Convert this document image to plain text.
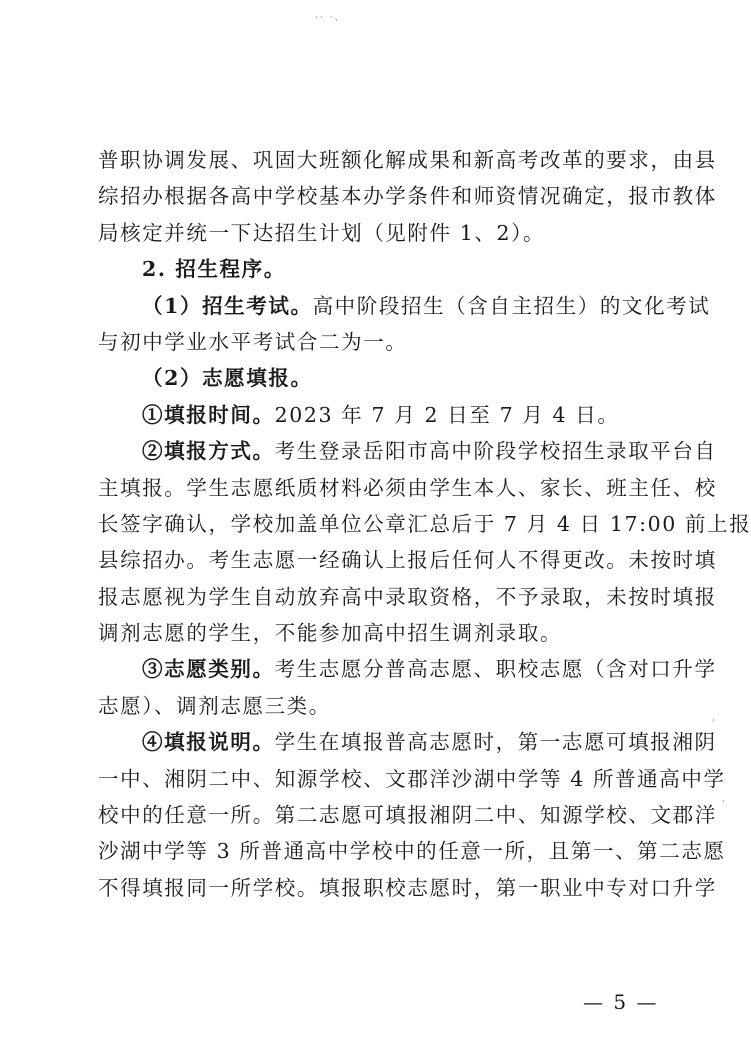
·· ·、
,
,
普职协调发展、巩固大班额化解成果和新高考改革的要求，由县
综招办根据各高中学校基本办学条件和师资情况确定，报市教体
局核定并统一下达招生计划（见附件 1、2）。
2. 招生程序。
（1）招生考试。高中阶段招生（含自主招生）的文化考试
与初中学业水平考试合二为一。
（2）志愿填报。
①填报时间。2023 年 7 月 2 日至 7 月 4 日。
②填报方式。考生登录岳阳市高中阶段学校招生录取平台自
主填报。学生志愿纸质材料必须由学生本人、家长、班主任、校
长签字确认，学校加盖单位公章汇总后于 7 月 4 日 17:00 前上报
县综招办。考生志愿一经确认上报后任何人不得更改。未按时填
报志愿视为学生自动放弃高中录取资格，不予录取，未按时填报
调剂志愿的学生，不能参加高中招生调剂录取。
③志愿类别。考生志愿分普高志愿、职校志愿（含对口升学
志愿）、调剂志愿三类。
④填报说明。学生在填报普高志愿时，第一志愿可填报湘阴
一中、湘阴二中、知源学校、文郡洋沙湖中学等 4 所普通高中学
校中的任意一所。第二志愿可填报湘阴二中、知源学校、文郡洋
沙湖中学等 3 所普通高中学校中的任意一所，且第一、第二志愿
不得填报同一所学校。填报职校志愿时，第一职业中专对口升学
— 5 —
